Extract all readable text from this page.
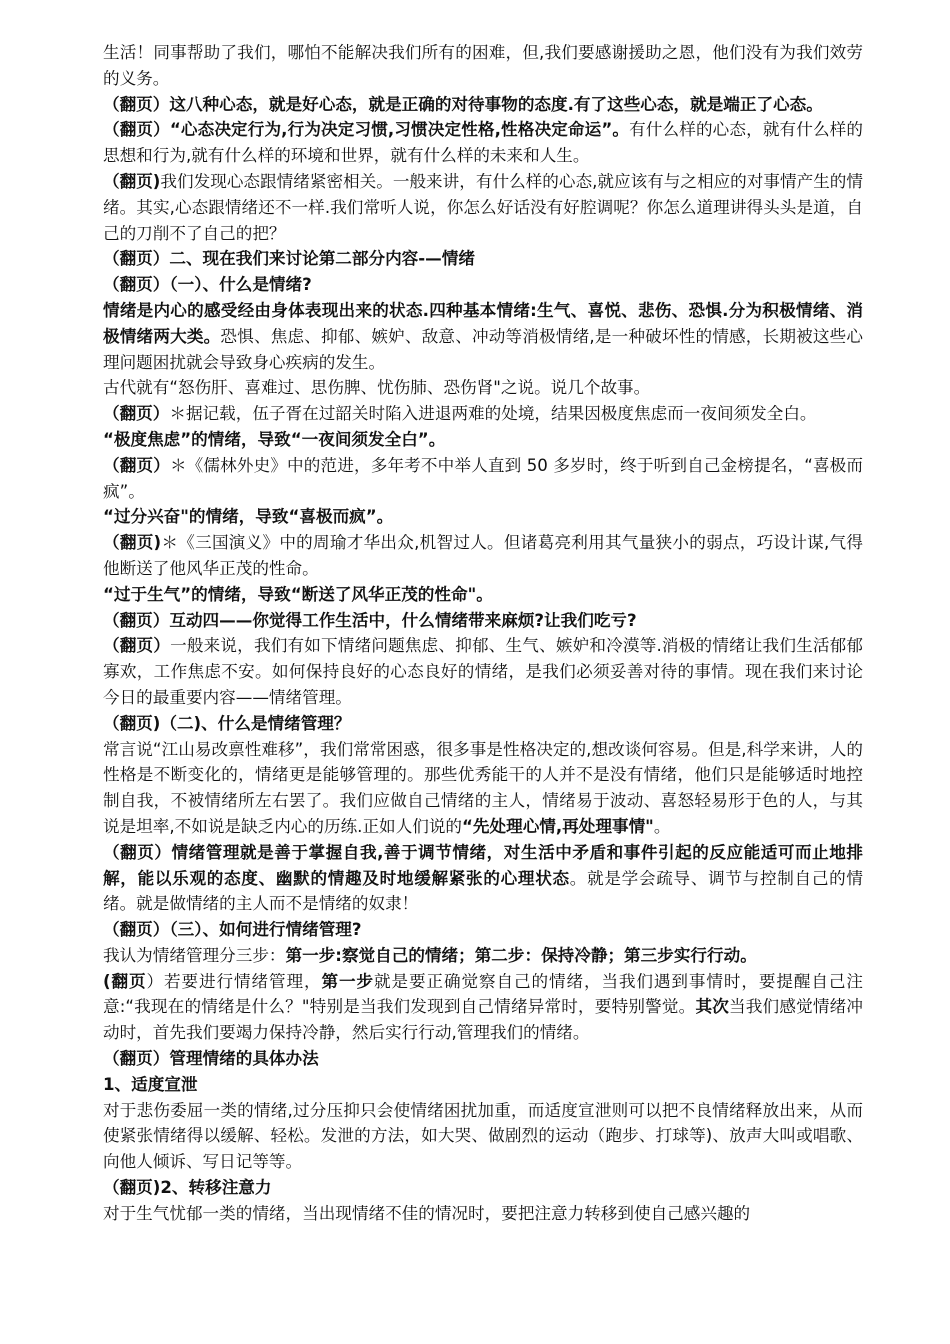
生活！同事帮助了我们，哪怕不能解决我们所有的困难，但,我们要感谢援助之恩，他们没有为我们效劳的义务。

（翻页）这八种心态，就是好心态，就是正确的对待事物的态度.有了这些心态，就是端正了心态。

（翻页）“心态决定行为,行为决定习惯,习惯决定性格,性格决定命运”。有什么样的心态，就有什么样的思想和行为,就有什么样的环境和世界，就有什么样的未来和人生。

（翻页)我们发现心态跟情绪紧密相关。一般来讲，有什么样的心态,就应该有与之相应的对事情产生的情绪。其实,心态跟情绪还不一样.我们常听人说，你怎么好话没有好腔调呢？你怎么道理讲得头头是道，自己的刀削不了自己的把？

（翻页）二、现在我们来讨论第二部分内容-—情绪

（翻页）（一）、什么是情绪?

情绪是内心的感受经由身体表现出来的状态.四种基本情绪:生气、喜悦、悲伤、恐惧.分为积极情绪、消极情绪两大类。恐惧、焦虑、抑郁、嫉妒、敌意、冲动等消极情绪,是一种破坏性的情感，长期被这些心理问题困扰就会导致身心疾病的发生。

古代就有“怒伤肝、喜难过、思伤脾、忧伤肺、恐伤肾"之说。说几个故事。

（翻页）＊据记载，伍子胥在过韶关时陷入进退两难的处境，结果因极度焦虑而一夜间须发全白。

“极度焦虑”的情绪，导致“一夜间须发全白”。

（翻页）＊《儒林外史》中的范进，多年考不中举人直到 50 多岁时，终于听到自己金榜提名，“喜极而疯”。

“过分兴奋"的情绪，导致“喜极而疯”。

（翻页)＊《三国演义》中的周瑜才华出众,机智过人。但诸葛亮利用其气量狭小的弱点，巧设计谋,气得他断送了他风华正茂的性命。

“过于生气”的情绪，导致“断送了风华正茂的性命"。

（翻页）互动四——你觉得工作生活中，什么情绪带来麻烦?让我们吃亏?

（翻页）一般来说，我们有如下情绪问题焦虑、抑郁、生气、嫉妒和冷漠等.消极的情绪让我们生活郁郁寡欢，工作焦虑不安。如何保持良好的心态良好的情绪，是我们必须妥善对待的事情。现在我们来讨论今日的最重要内容——情绪管理。

（翻页)（二)、什么是情绪管理？

常言说“江山易改禀性难移”，我们常常困惑，很多事是性格决定的,想改谈何容易。但是,科学来讲，人的性格是不断变化的，情绪更是能够管理的。那些优秀能干的人并不是没有情绪，他们只是能够适时地控制自我，不被情绪所左右罢了。我们应做自己情绪的主人，情绪易于波动、喜怒轻易形于色的人，与其说是坦率,不如说是缺乏内心的历练.正如人们说的“先处理心情,再处理事情"。

（翻页）情绪管理就是善于掌握自我,善于调节情绪，对生活中矛盾和事件引起的反应能适可而止地排解，能以乐观的态度、幽默的情趣及时地缓解紧张的心理状态。就是学会疏导、调节与控制自己的情绪。就是做情绪的主人而不是情绪的奴隶！

（翻页）（三）、如何进行情绪管理?

我认为情绪管理分三步：第一步:察觉自己的情绪；第二步：保持冷静；第三步实行行动。

(翻页）若要进行情绪管理，第一步就是要正确觉察自己的情绪，当我们遇到事情时，要提醒自己注意:“我现在的情绪是什么？"特别是当我们发现到自己情绪异常时，要特别警觉。其次当我们感觉情绪冲动时，首先我们要竭力保持冷静，然后实行行动,管理我们的情绪。

（翻页）管理情绪的具体办法

1、适度宣泄

对于悲伤委屈一类的情绪,过分压抑只会使情绪困扰加重，而适度宣泄则可以把不良情绪释放出来，从而使紧张情绪得以缓解、轻松。发泄的方法，如大哭、做剧烈的运动（跑步、打球等)、放声大叫或唱歌、向他人倾诉、写日记等等。

（翻页)2、转移注意力

对于生气忧郁一类的情绪，当出现情绪不佳的情况时，要把注意力转移到使自己感兴趣的
